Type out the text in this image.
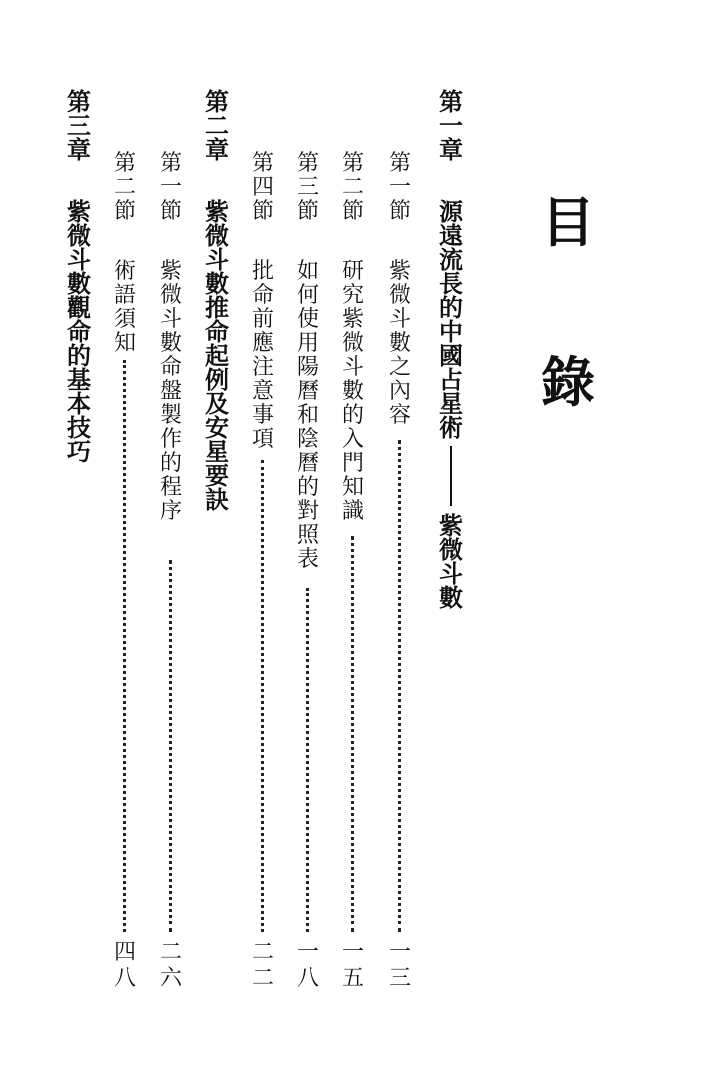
目
錄
第
一
章
源
遠
流
長
的
中
國
占
星
術
紫
微
斗
數
第
一
節
紫
微
斗
數
之
內
容
一
三
第
二
節
研
究
紫
微
斗
數
的
入
門
知
識
一
五
第
三
節
如
何
使
用
陽
曆
和
陰
曆
的
對
照
表
一
八
第
四
節
批
命
前
應
注
意
事
項
二
二
第
二
章
紫
微
斗
數
推
命
起
例
及
安
星
要
訣
第
一
節
紫
微
斗
數
命
盤
製
作
的
程
序
二
六
第
二
節
術
語
須
知
四
八
第
三
章
紫
微
斗
數
觀
命
的
基
本
技
巧
